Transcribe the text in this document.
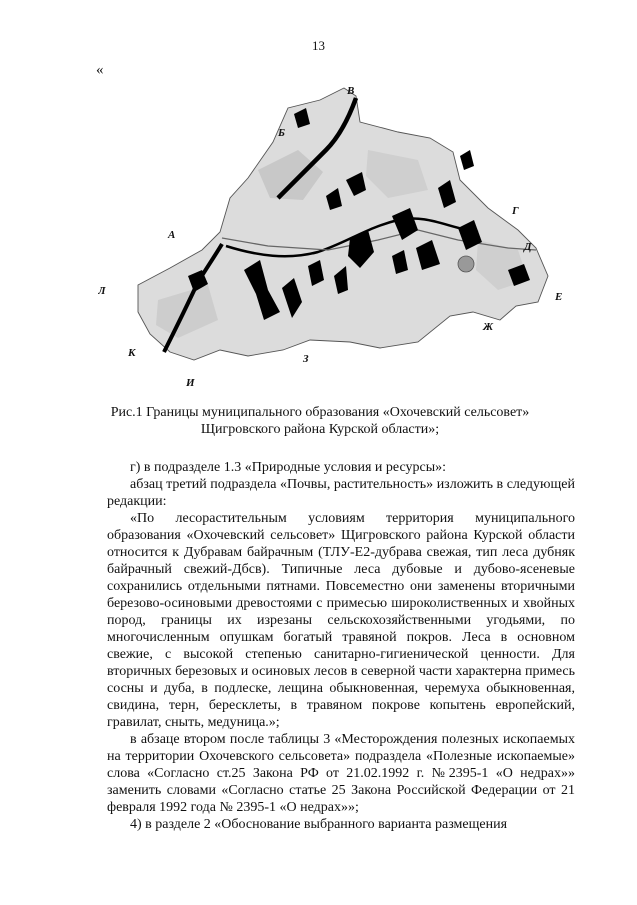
13
«
В
Б
А
Г
Д
Е
Ж
Л
К
И
З
Рис.1 Границы муниципального образования «Охочевский сельсовет»
Щигровского района Курской области»;

г) в подразделе 1.3 «Природные условия и ресурсы»:

абзац третий подраздела «Почвы, растительность» изложить в следующей редакции:

«По лесорастительным условиям территория муниципального образования «Охочевский сельсовет» Щигровского района Курской области относится к Дубравам байрачным (ТЛУ-Е2-дубрава свежая, тип леса дубняк байрачный свежий-Дбсв). Типичные леса дубовые и дубово-ясеневые сохранились отдельными пятнами. Повсеместно они заменены вторичными березово-осиновыми древостоями с примесью широколиственных и хвойных пород, границы их изрезаны сельскохозяйственными угодьями, по многочисленным опушкам богатый травяной покров. Леса в основном свежие, с высокой степенью санитарно-гигиенической ценности. Для вторичных березовых и осиновых лесов в северной части характерна примесь сосны и дуба, в подлеске, лещина обыкновенная, черемуха обыкновенная, свидина, терн, бересклеты, в травяном покрове копытень европейский, гравилат, сныть, медуница.»;

в абзаце втором после таблицы 3 «Месторождения полезных ископаемых на территории Охочевского сельсовета» подраздела «Полезные ископаемые» слова «Согласно ст.25 Закона РФ от 21.02.1992 г. №2395-1 «О недрах»» заменить словами «Согласно статье 25 Закона Российской Федерации от 21 февраля 1992 года № 2395-1 «О недрах»»;

4) в разделе 2 «Обоснование выбранного варианта размещения
